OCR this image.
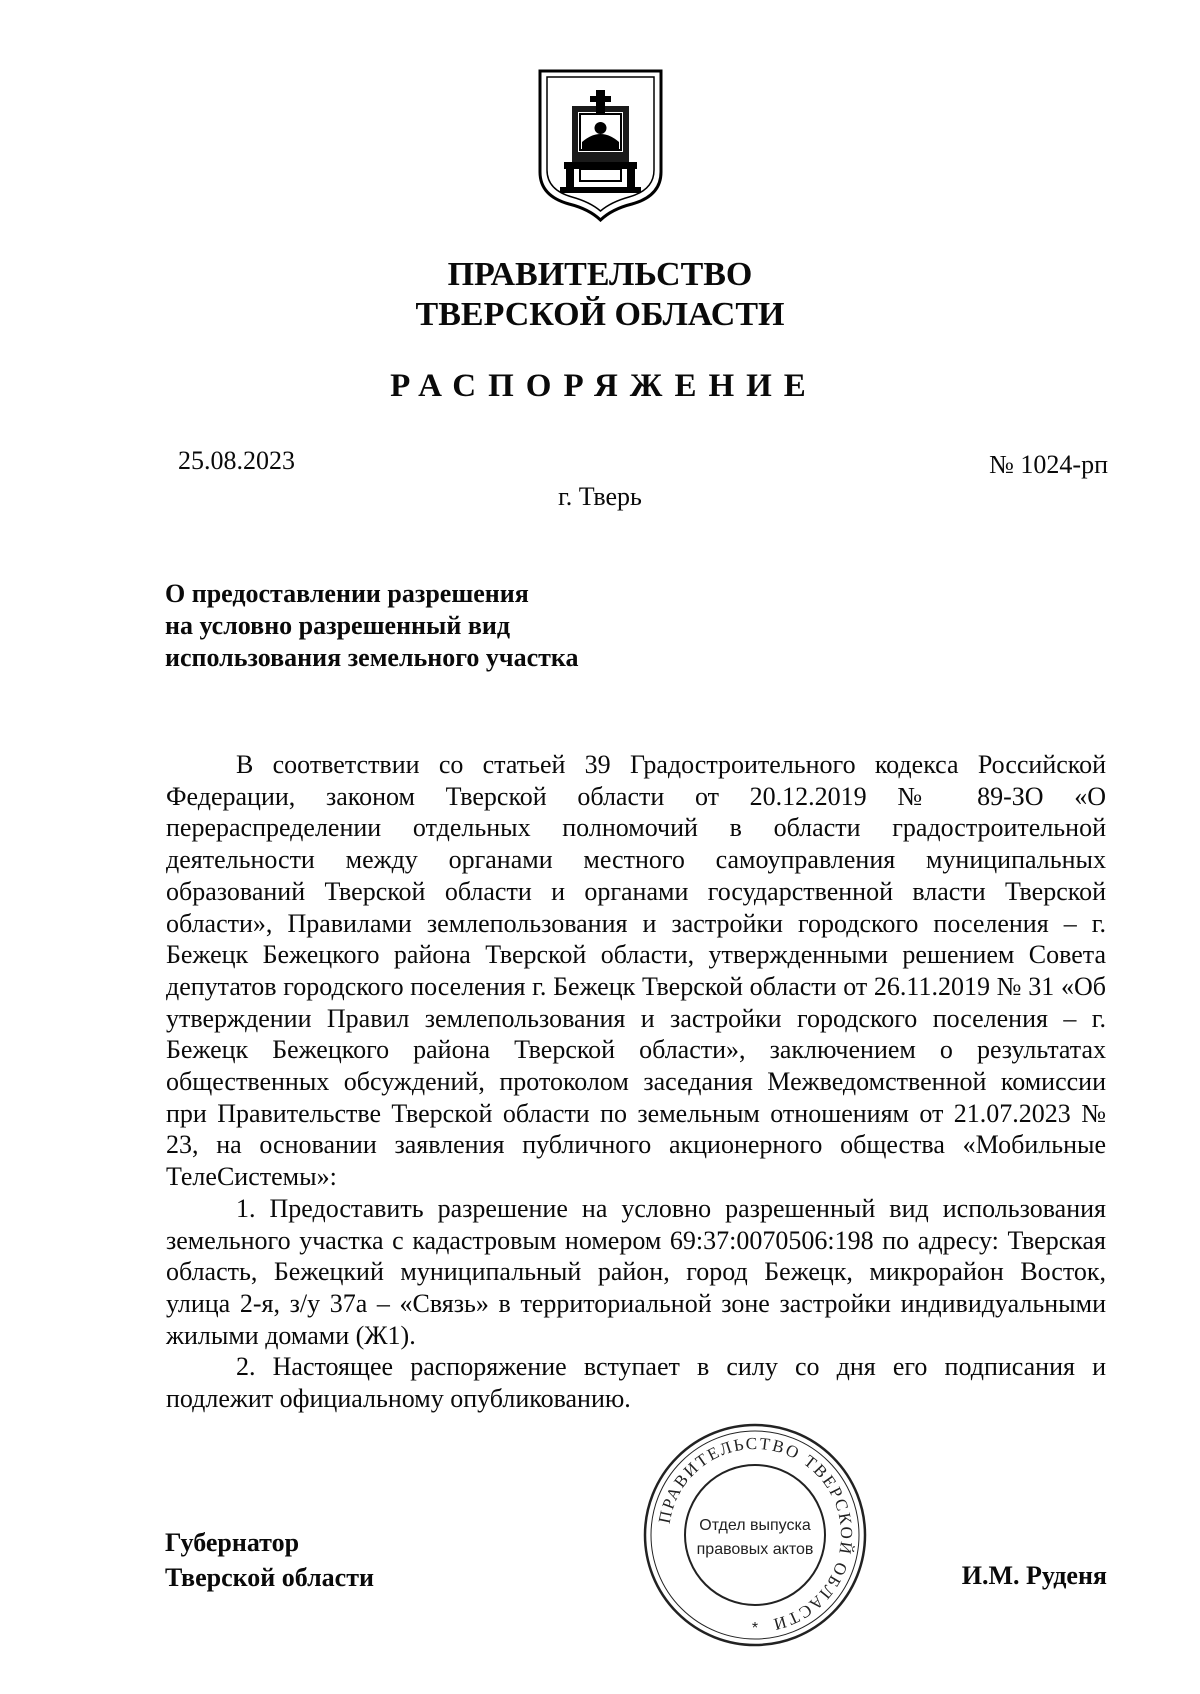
ПРАВИТЕЛЬСТВО
ТВЕРСКОЙ ОБЛАСТИ
РАСПОРЯЖЕНИЕ
25.08.2023	№ 1024-рп
г. Тверь
О предоставлении разрешения
на условно разрешенный вид
использования земельного участка

В соответствии со статьей 39 Градостроительного кодекса Российской Федерации, законом Тверской области от 20.12.2019 № 89-ЗО «О перераспределении отдельных полномочий в области градостроительной деятельности между органами местного самоуправления муниципальных образований Тверской области и органами государственной власти Тверской области», Правилами землепользования и застройки городского поселения – г. Бежецк Бежецкого района Тверской области, утвержденными решением Совета депутатов городского поселения г. Бежецк Тверской области от 26.11.2019 № 31 «Об утверждении Правил землепользования и застройки городского поселения – г. Бежецк Бежецкого района Тверской области», заключением о результатах общественных обсуждений, протоколом заседания Межведомственной комиссии при Правительстве Тверской области по земельным отношениям от 21.07.2023 № 23, на основании заявления публичного акционерного общества «Мобильные ТелеСистемы»:

1. Предоставить разрешение на условно разрешенный вид использования земельного участка с кадастровым номером 69:37:0070506:198 по адресу: Тверская область, Бежецкий муниципальный район, город Бежецк, микрорайон Восток, улица 2-я, з/у 37а – «Связь» в территориальной зоне застройки индивидуальными жилыми домами (Ж1).

2. Настоящее распоряжение вступает в силу со дня его подписания и подлежит официальному опубликованию.

Губернатор
Тверской области	И.М. Руденя
ПРАВИТЕЛЬСТВО ТВЕРСКОЙ ОБЛАСТИ
Отдел выпуска
правовых актов
*
